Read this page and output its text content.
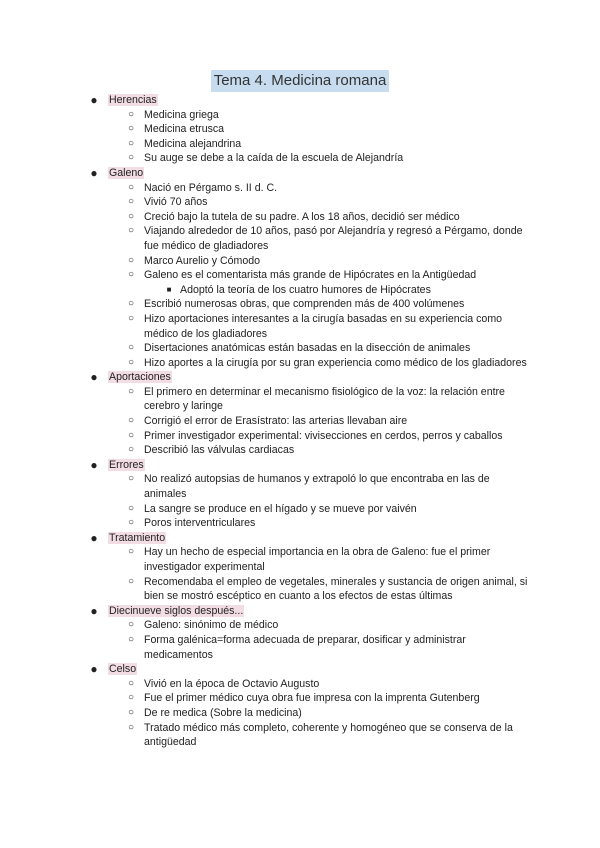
Tema 4. Medicina romana
●	Herencias
○ Medicina griega
○ Medicina etrusca
○ Medicina alejandrina
○ Su auge se debe a la caída de la escuela de Alejandría
●	Galeno
○ Nació en Pérgamo s. II d. C.
○ Vivió 70 años
○ Creció bajo la tutela de su padre. A los 18 años, decidió ser médico
○ Viajando alrededor de 10 años, pasó por Alejandría y regresó a Pérgamo, donde fue médico de gladiadores
○ Marco Aurelio y Cómodo
○ Galeno es el comentarista más grande de Hipócrates en la Antigüedad
■ Adoptó la teoría de los cuatro humores de Hipócrates
○ Escribió numerosas obras, que comprenden más de 400 volúmenes
○ Hizo aportaciones interesantes a la cirugía basadas en su experiencia como médico de los gladiadores
○ Disertaciones anatómicas están basadas en la disección de animales
○ Hizo aportes a la cirugía por su gran experiencia como médico de los gladiadores
●	Aportaciones
○ El primero en determinar el mecanismo fisiológico de la voz: la relación entre cerebro y laringe
○ Corrigió el error de Erasístrato: las arterias llevaban aire
○ Primer investigador experimental: vivisecciones en cerdos, perros y caballos
○ Describió las válvulas cardiacas
●	Errores
○ No realizó autopsias de humanos y extrapoló lo que encontraba en las de animales
○ La sangre se produce en el hígado y se mueve por vaivén
○ Poros interventriculares
●	Tratamiento
○ Hay un hecho de especial importancia en la obra de Galeno: fue el primer investigador experimental
○ Recomendaba el empleo de vegetales, minerales y sustancia de origen animal, si bien se mostró escéptico en cuanto a los efectos de estas últimas
●	Diecinueve siglos después...
○ Galeno: sinónimo de médico
○ Forma galénica=forma adecuada de preparar, dosificar y administrar medicamentos
●	Celso
○ Vivió en la época de Octavio Augusto
○ Fue el primer médico cuya obra fue impresa con la imprenta Gutenberg
○ De re medica (Sobre la medicina)
○ Tratado médico más completo, coherente y homogéneo que se conserva de la antigüedad
